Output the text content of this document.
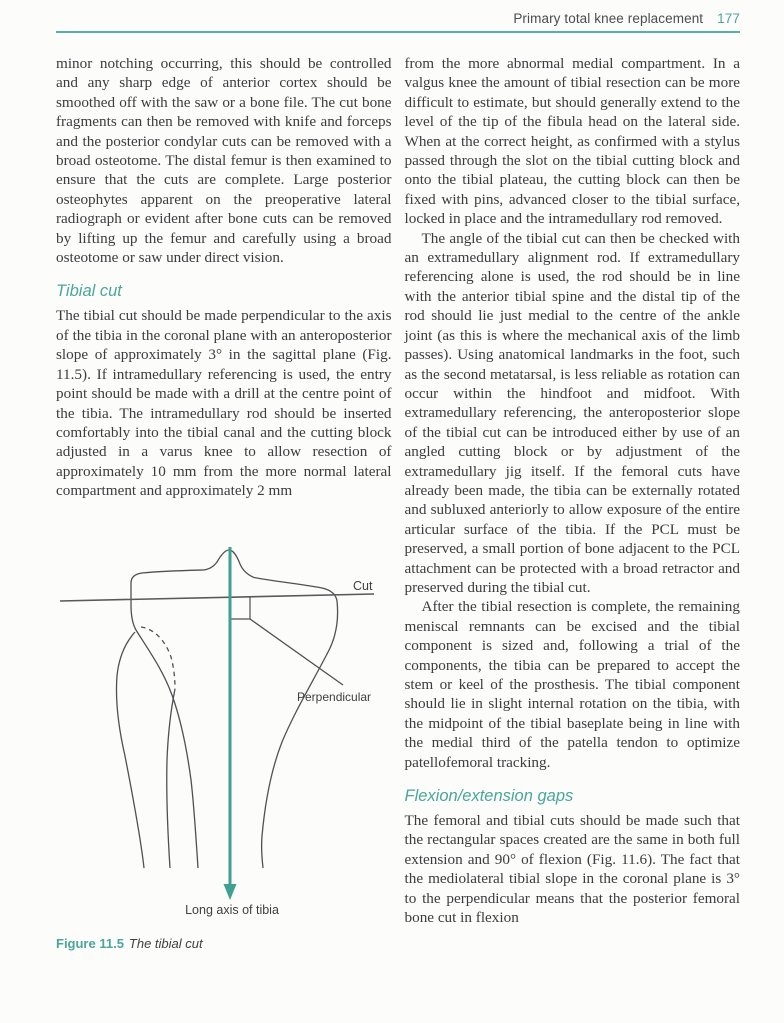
Primary total knee replacement 177

minor notching occurring, this should be controlled and any sharp edge of anterior cortex should be smoothed off with the saw or a bone file. The cut bone fragments can then be removed with knife and forceps and the posterior condylar cuts can be removed with a broad osteotome. The distal femur is then examined to ensure that the cuts are complete. Large posterior osteophytes apparent on the preoperative lateral radiograph or evident after bone cuts can be removed by lifting up the femur and carefully using a broad osteotome or saw under direct vision.

Tibial cut

The tibial cut should be made perpendicular to the axis of the tibia in the coronal plane with an anteroposterior slope of approximately 3° in the sagittal plane (Fig. 11.5). If intramedullary referencing is used, the entry point should be made with a drill at the centre point of the tibia. The intramedullary rod should be inserted comfortably into the tibial canal and the cutting block adjusted in a varus knee to allow resection of approximately 10 mm from the more normal lateral compartment and approximately 2 mm

Cut
Perpendicular
Long axis of tibia
Figure 11.5 The tibial cut

from the more abnormal medial compartment. In a valgus knee the amount of tibial resection can be more difficult to estimate, but should generally extend to the level of the tip of the fibula head on the lateral side. When at the correct height, as confirmed with a stylus passed through the slot on the tibial cutting block and onto the tibial plateau, the cutting block can then be fixed with pins, advanced closer to the tibial surface, locked in place and the intramedullary rod removed.

The angle of the tibial cut can then be checked with an extramedullary alignment rod. If extramedullary referencing alone is used, the rod should be in line with the anterior tibial spine and the distal tip of the rod should lie just medial to the centre of the ankle joint (as this is where the mechanical axis of the limb passes). Using anatomical landmarks in the foot, such as the second metatarsal, is less reliable as rotation can occur within the hindfoot and midfoot. With extramedullary referencing, the anteroposterior slope of the tibial cut can be introduced either by use of an angled cutting block or by adjustment of the extramedullary jig itself. If the femoral cuts have already been made, the tibia can be externally rotated and subluxed anteriorly to allow exposure of the entire articular surface of the tibia. If the PCL must be preserved, a small portion of bone adjacent to the PCL attachment can be protected with a broad retractor and preserved during the tibial cut.

After the tibial resection is complete, the remaining meniscal remnants can be excised and the tibial component is sized and, following a trial of the components, the tibia can be prepared to accept the stem or keel of the prosthesis. The tibial component should lie in slight internal rotation on the tibia, with the midpoint of the tibial baseplate being in line with the medial third of the patella tendon to optimize patellofemoral tracking.

Flexion/extension gaps

The femoral and tibial cuts should be made such that the rectangular spaces created are the same in both full extension and 90° of flexion (Fig. 11.6). The fact that the mediolateral tibial slope in the coronal plane is 3° to the perpendicular means that the posterior femoral bone cut in flexion
